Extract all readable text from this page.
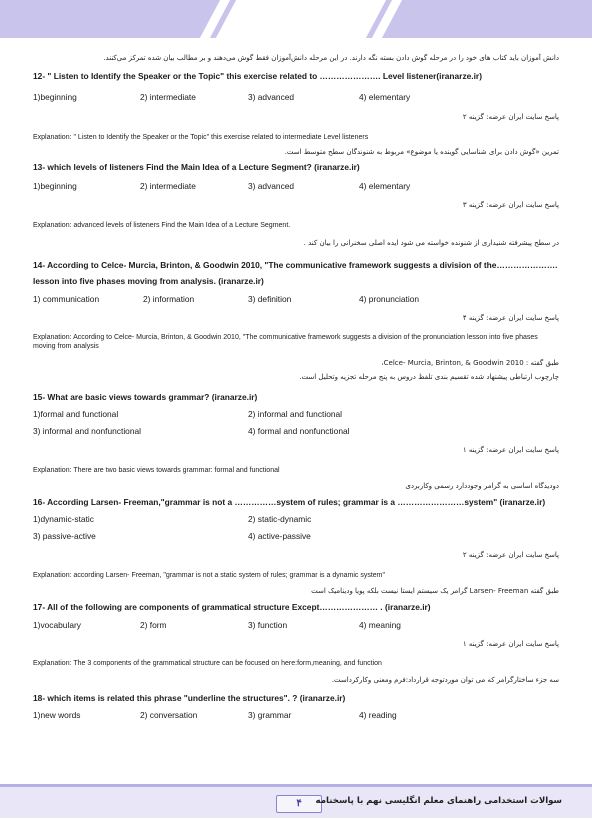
دانش آموزان باید کتاب های خود را در مرحله گوش دادن بسته نگه دارند. در این مرحله دانش‌آموزان فقط گوش می‌دهند و بر مطالب بیان شده تمرکز می‌کنند.
12- " Listen to Identify the Speaker or the Topic" this exercise related to …………………. Level listener(iranarze.ir)
1)beginning	2) intermediate	3) advanced	4) elementary
پاسخ سایت ایران عرضه: گزینه ۲
Explanation: " Listen to Identify the Speaker or the Topic" this exercise related to intermediate Level listeners
تمرین «گوش دادن برای شناسایی گوینده یا موضوع» مربوط به شنوندگان سطح متوسط است.
13- which levels of listeners Find the Main Idea of a Lecture Segment? (iranarze.ir)
1)beginning	2) intermediate	3) advanced	4) elementary
پاسخ سایت ایران عرضه: گزینه ۳
Explanation: advanced levels of listeners Find the Main Idea of a Lecture Segment.
در سطح پیشرفته شنیداری از شنونده خواسته می شود ایده اصلی سخنرانی را بیان کند .
14- According to Celce- Murcia, Brinton, & Goodwin 2010, "The communicative framework suggests a division of the…………………. lesson into five phases moving from analysis. (iranarze.ir)
1) communication	2) information	3) definition	4) pronunciation
پاسخ سایت ایران عرضه: گزینه ۴
Explanation: According to Celce- Murcia, Brinton, & Goodwin 2010, "The communicative framework suggests a division of the pronunciation lesson into five phases moving from analysis
طبق گفته : Celce- Murcia, Brinton, & Goodwin 2010،
چارچوب ارتباطی پیشنهاد شده تقسیم بندی تلفظ دروس به پنج مرحله تجزیه وتحلیل است.
15- What are basic views towards grammar? (iranarze.ir)
1)formal and functional	2) informal and functional
3) informal and nonfunctional	4) formal and nonfunctional
پاسخ سایت ایران عرضه: گزینه ۱
Explanation: There are two basic views towards grammar: formal and functional
دودیدگاه اساسی به گرامر وجوددارد رسمی وکاربردی
16- According Larsen- Freeman,"grammar is not a ……………system of rules; grammar is a ……………………system" (iranarze.ir)
1)dynamic-static	2) static-dynamic
3) passive-active	4) active-passive
پاسخ سایت ایران عرضه: گزینه ۲
Explanation: according Larsen- Freeman, "grammar is not a static system of rules; grammar is a dynamic system"
طبق گفته Larsen- Freeman گرامر یک سیستم ایستا نیست بلکه پویا ودینامیک است
17- All of the following are components of grammatical structure Except………………… . (iranarze.ir)
1)vocabulary	2) form	3) function	4) meaning
پاسخ سایت ایران عرضه: گزینه ۱
Explanation: The 3 components of the grammatical structure can be focused on here:form,meaning, and function
سه جزء ساختارگرامر که می توان موردتوجه قرارداد:فرم ومعنی وکارکرداست.
18- which items is related this phrase "underline the structures". ? (iranarze.ir)
1)new words	2) conversation	3) grammar	4) reading
۴	سوالات استخدامی راهنمای معلم انگلیسی نهم با پاسخنامه
